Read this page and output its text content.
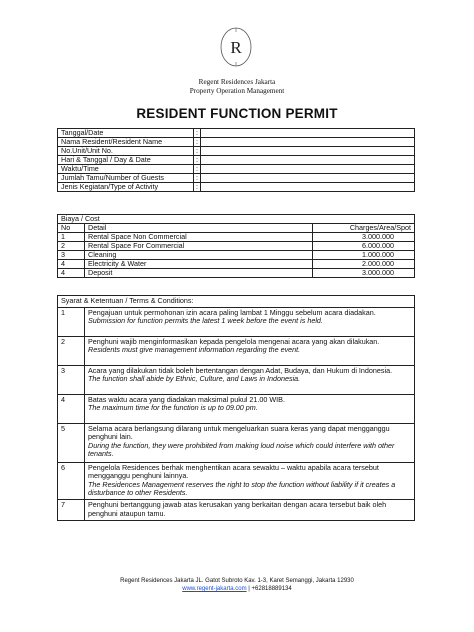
R
Regent Residences Jakarta
Property Operation Management
RESIDENT FUNCTION PERMIT
Tanggal/Date	:	
Nama Resident/Resident Name	:	
No.Unit/Unit No.	:	
Hari & Tanggal / Day & Date	:	
Waktu/Time	:	
Jumlah Tamu/Number of Guests	:	
Jenis Kegiatan/Type of Activity	:	
Biaya / Cost		
No	Detail	Charges/Area/Spot
1	Rental Space Non Commercial	3.000.000
2	Rental Space For Commercial	6.000.000
3	Cleaning	1.000.000
4	Electricity & Water	2.000.000
4	Deposit	3.000.000
Syarat & Ketentuan / Terms & Conditions:	
1	Pengajuan untuk permohonan izin acara paling lambat 1 Minggu sebelum acara diadakan.
Submission for function permits the latest 1 week before the event is held.

2	Penghuni wajib menginformasikan kepada pengelola mengenai acara yang akan dilakukan.
Residents must give management information regarding the event.

3	Acara yang dilakukan tidak boleh bertentangan dengan Adat, Budaya, dan Hukum di Indonesia.
The function shall abide by Ethnic, Culture, and Laws in Indonesia.

4	Batas waktu acara yang diadakan maksimal pukul 21.00 WIB.
The maximum time for the function is up to 09.00 pm.

5	Selama acara berlangsung dilarang untuk mengeluarkan suara keras yang dapat mengganggu penghuni lain.
During the function, they were prohibited from making loud noise which could interfere with other tenants.

6	Pengelola Residences berhak menghentikan acara sewaktu – waktu apabila acara tersebut mengganggu penghuni lainnya.
The Residences Management reserves the right to stop the function without liability if it creates a disturbance to other Residents.

7	Penghuni bertanggung jawab atas kerusakan yang berkaitan dengan acara tersebut baik oleh penghuni ataupun tamu.
Regent Residences Jakarta JL. Gatot Subroto Kav. 1-3, Karet Semanggi, Jakarta 12930
www.regent-jakarta.com | +62818889134
